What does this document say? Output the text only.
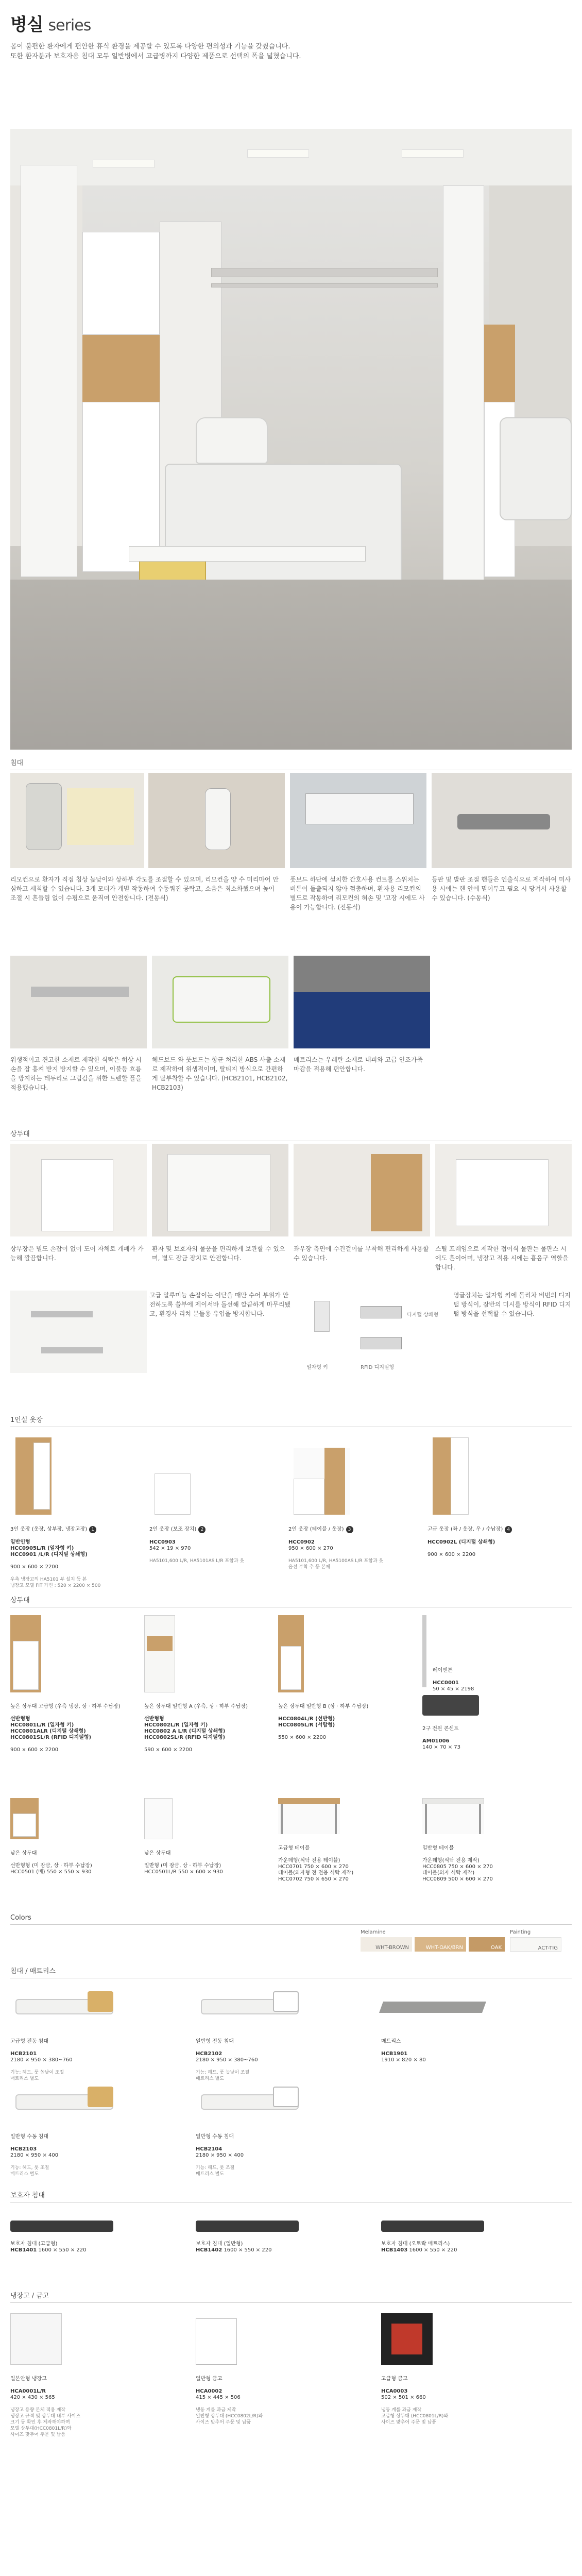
병실 series

몸이 불편한 환자에게 편안한 휴식 환경을 제공할 수 있도록 다양한 편의성과 기능을 갖췄습니다.
또한 환자분과 보호자용 침대 모두 일반병에서 고급병까지 다양한 제품으로 선택의 폭을 넓혔습니다.

침대
리모컨으로 환자가 직접 침상 높낮이와 상하부 각도를 조절할 수 있으며, 리모컨을 양 수 미리마어 안심하고 세척할 수 있습니다. 3개 모터가 개별 작동하여 수동쿼진 공락고, 소음은 최소화했으며 높이 조절 시 흔들림 없이 수평으로 움직여 안전합니다. (전동식)
풋보드 하단에 설치한 간호사용 컨트롤 스위치는 버튼이 돌출되지 않아 껌춤하며, 환자용 리모컨의 별도로 작동하여 리모컨의 혀손 및 '고장 시에도 사용이 가능합니다. (전동식)
등판 및 발판 조절 핸들은 인출식으로 제작하여 미사용 시에는 핸 안에 밀어두고 필요 시 당겨서 사용할 수 있습니다. (수동식)
위생적이고 견고한 소재로 제작한 식탁은 히상 시 손을 잡 흥켜 받지 방지할 수 있으며, 이불등 흐름을 방지하는 테두리로 그립감을 위한 트렌할 플을 적용했습니다.
헤드보드 와 풋보드는 항균 처리한 ABS 사출 소재로 제작하여 위생적이며, 탈티지 방식으로 간편하게 탈부착할 수 있습니다. (HCB2101, HCB2102, HCB2103)
매트리스는 우레탄 소재로 내피와 고급 인조가죽 마감을 적용해 편안합니다.
상두대
상부장은 별도 손잡이 없이 도어 자체로 개폐가 가능해 깔끔합니다.
환자 및 보호자의 물품을 편리하게 보관할 수 있으며, 별도 잠금 장치로 안전합니다.
좌우장 측면에 수건걸이를 부착해 편리하게 사용할 수 있습니다.
스틸 프레임으로 제작한 접이식 물판는 물판스 시에도 흔이어며, 냉장고 적용 시에는 흡음구 역할을 합니다.
고급 알루미늄 손잡이는 여닫을 때만 수어 부위가 안전하도록 쓸부에 제이서바 돌선해 깔끔하게 마무리됐고, 환경사 리치 분들용 유입을 방지합니다.
일자형 키
디지털 상쇄형
RFID 디지털형
영글장치는 일자형 키에 돌리차 비번의 디지털 방식이, 잠반의 미시를 방식이 RFID 디지털 방식을 선택할 수 있습니다.
1인실 옷장

3인 옷장 (옷장, 상부장, 냉장고장) 1

일반인형
HCC0905L/R (일자형 키)
HCC0901 /L/R (디지털 상쇄형)

900 × 600 × 2200

우측 냉장고의 HA5101 부 설치 등 본
냉장고 모델 FIT 가변 : 520 × 2200 × 500

2인 옷장 (보조 장치) 2

HCC0903
542 × 19 × 970

HA5101,600 L/R, HA5101AS L/R 포함과 옷

2인 옷장 (테이블 / 옷장) 3

HCC0902
950 × 600 × 270

HA5101,600 L/R, HA5100AS L/R 포함과 옷
옵션 부착 추 등 본제

고급 옷장 (좌 / 옷장, 우 / 수납장) 4

HCC0902L (디지털 상쇄형)

900 × 600 × 2200

상두대

높은 상두대 고급형 (우측 냉장, 상 · 하부 수납장)

선반형형
HCC0801L/R (일자형 키)
HCC0801ALR (디지털 상쇄형)
HCC0801SL/R (RFID 디지털형)

900 × 600 × 2200

높은 상두대 일반형 A (우측, 상 · 하부 수납장)

선반형형
HCC0802L/R (일자형 키)
HCC0802 A L/R (디지털 상쇄형)
HCC0802SL/R (RFID 디지털형)

590 × 600 × 2200

높은 상두대 일반형 B (상 · 하부 수납장)

HCC0804L/R (선반형)
HCC0805L/R (서랍형)

550 × 600 × 2200

레이밴튼

HCC0001
50 × 45 × 2198

2구 전원 콘센트

AM01006
140 × 70 × 73

낮은 상두대

선반형형 (미 잠금, 상 · 하부 수납장)
HCC0501 (배) 550 × 550 × 930

낮은 상두대

일반형 (미 잠금, 상 · 하부 수납장)
HCC0501L/R 550 × 600 × 930

고급형 테이블

가운데형(식탁 전용 테이블)
HCC0701 750 × 600 × 270
테이블(의자형 전 전용 식탁 제작)
HCC0702 750 × 650 × 270

일반형 테이블

가운데형(식탁 전용 제작)
HCC0805 750 × 600 × 270
테이블(의자 식탁 제작)
HCC0809 500 × 600 × 270

Colors
Melamine	Painting
WHT-BROWN	WHT-OAK/BRN	OAK	ACT-TIG
침대 / 매트리스

고급형 전동 침대

HCB2101
2180 × 950 × 380~760

기능: 헤드, 풋 높낮이 조절
매트리스 별도

일반형 전동 침대

HCB2102
2180 × 950 × 380~760

기능: 헤드, 풋 높낮이 조절
매트리스 별도

매트리스

HCB1901
1910 × 820 × 80

일반형 수동 침대

HCB2103
2180 × 950 × 400

기능: 헤드, 풋 조절
매트리스 별도

일반형 수동 침대

HCB2104
2180 × 950 × 400

기능: 헤드, 풋 조절
매트리스 별도

보호자 침대
보호자 침대 (고급형)
HCB1401 1600 × 550 × 220
보호자 침대 (일반형)
HCB1402 1600 × 550 × 220
보호자 침대 (오토락 매트리스)
HCB1403 1600 × 550 × 220
냉장고 / 금고

일본안형 냉장고

HCA0001L/R
420 × 430 × 565

냉장고 용량 본체 적용 제작
냉장고 규격 및 상두대 내부 사이즈
크기 등 확인 후 제작해야하며
모델 상두대(HCC0801L/R)와
사이즈 맞추어 주문 및 납품

일반형 금고

HCA0002
415 × 445 × 506

냉동 계를 과금 제작
일반형 상두대 (HCC0802L/R)와
사이즈 맞추어 주문 및 납품

고급형 금고

HCA0003
502 × 501 × 660

냉동 계를 과금 제작
고급형 상두대 (HCC0801L/R)와
사이즈 맞추어 주문 및 납품
